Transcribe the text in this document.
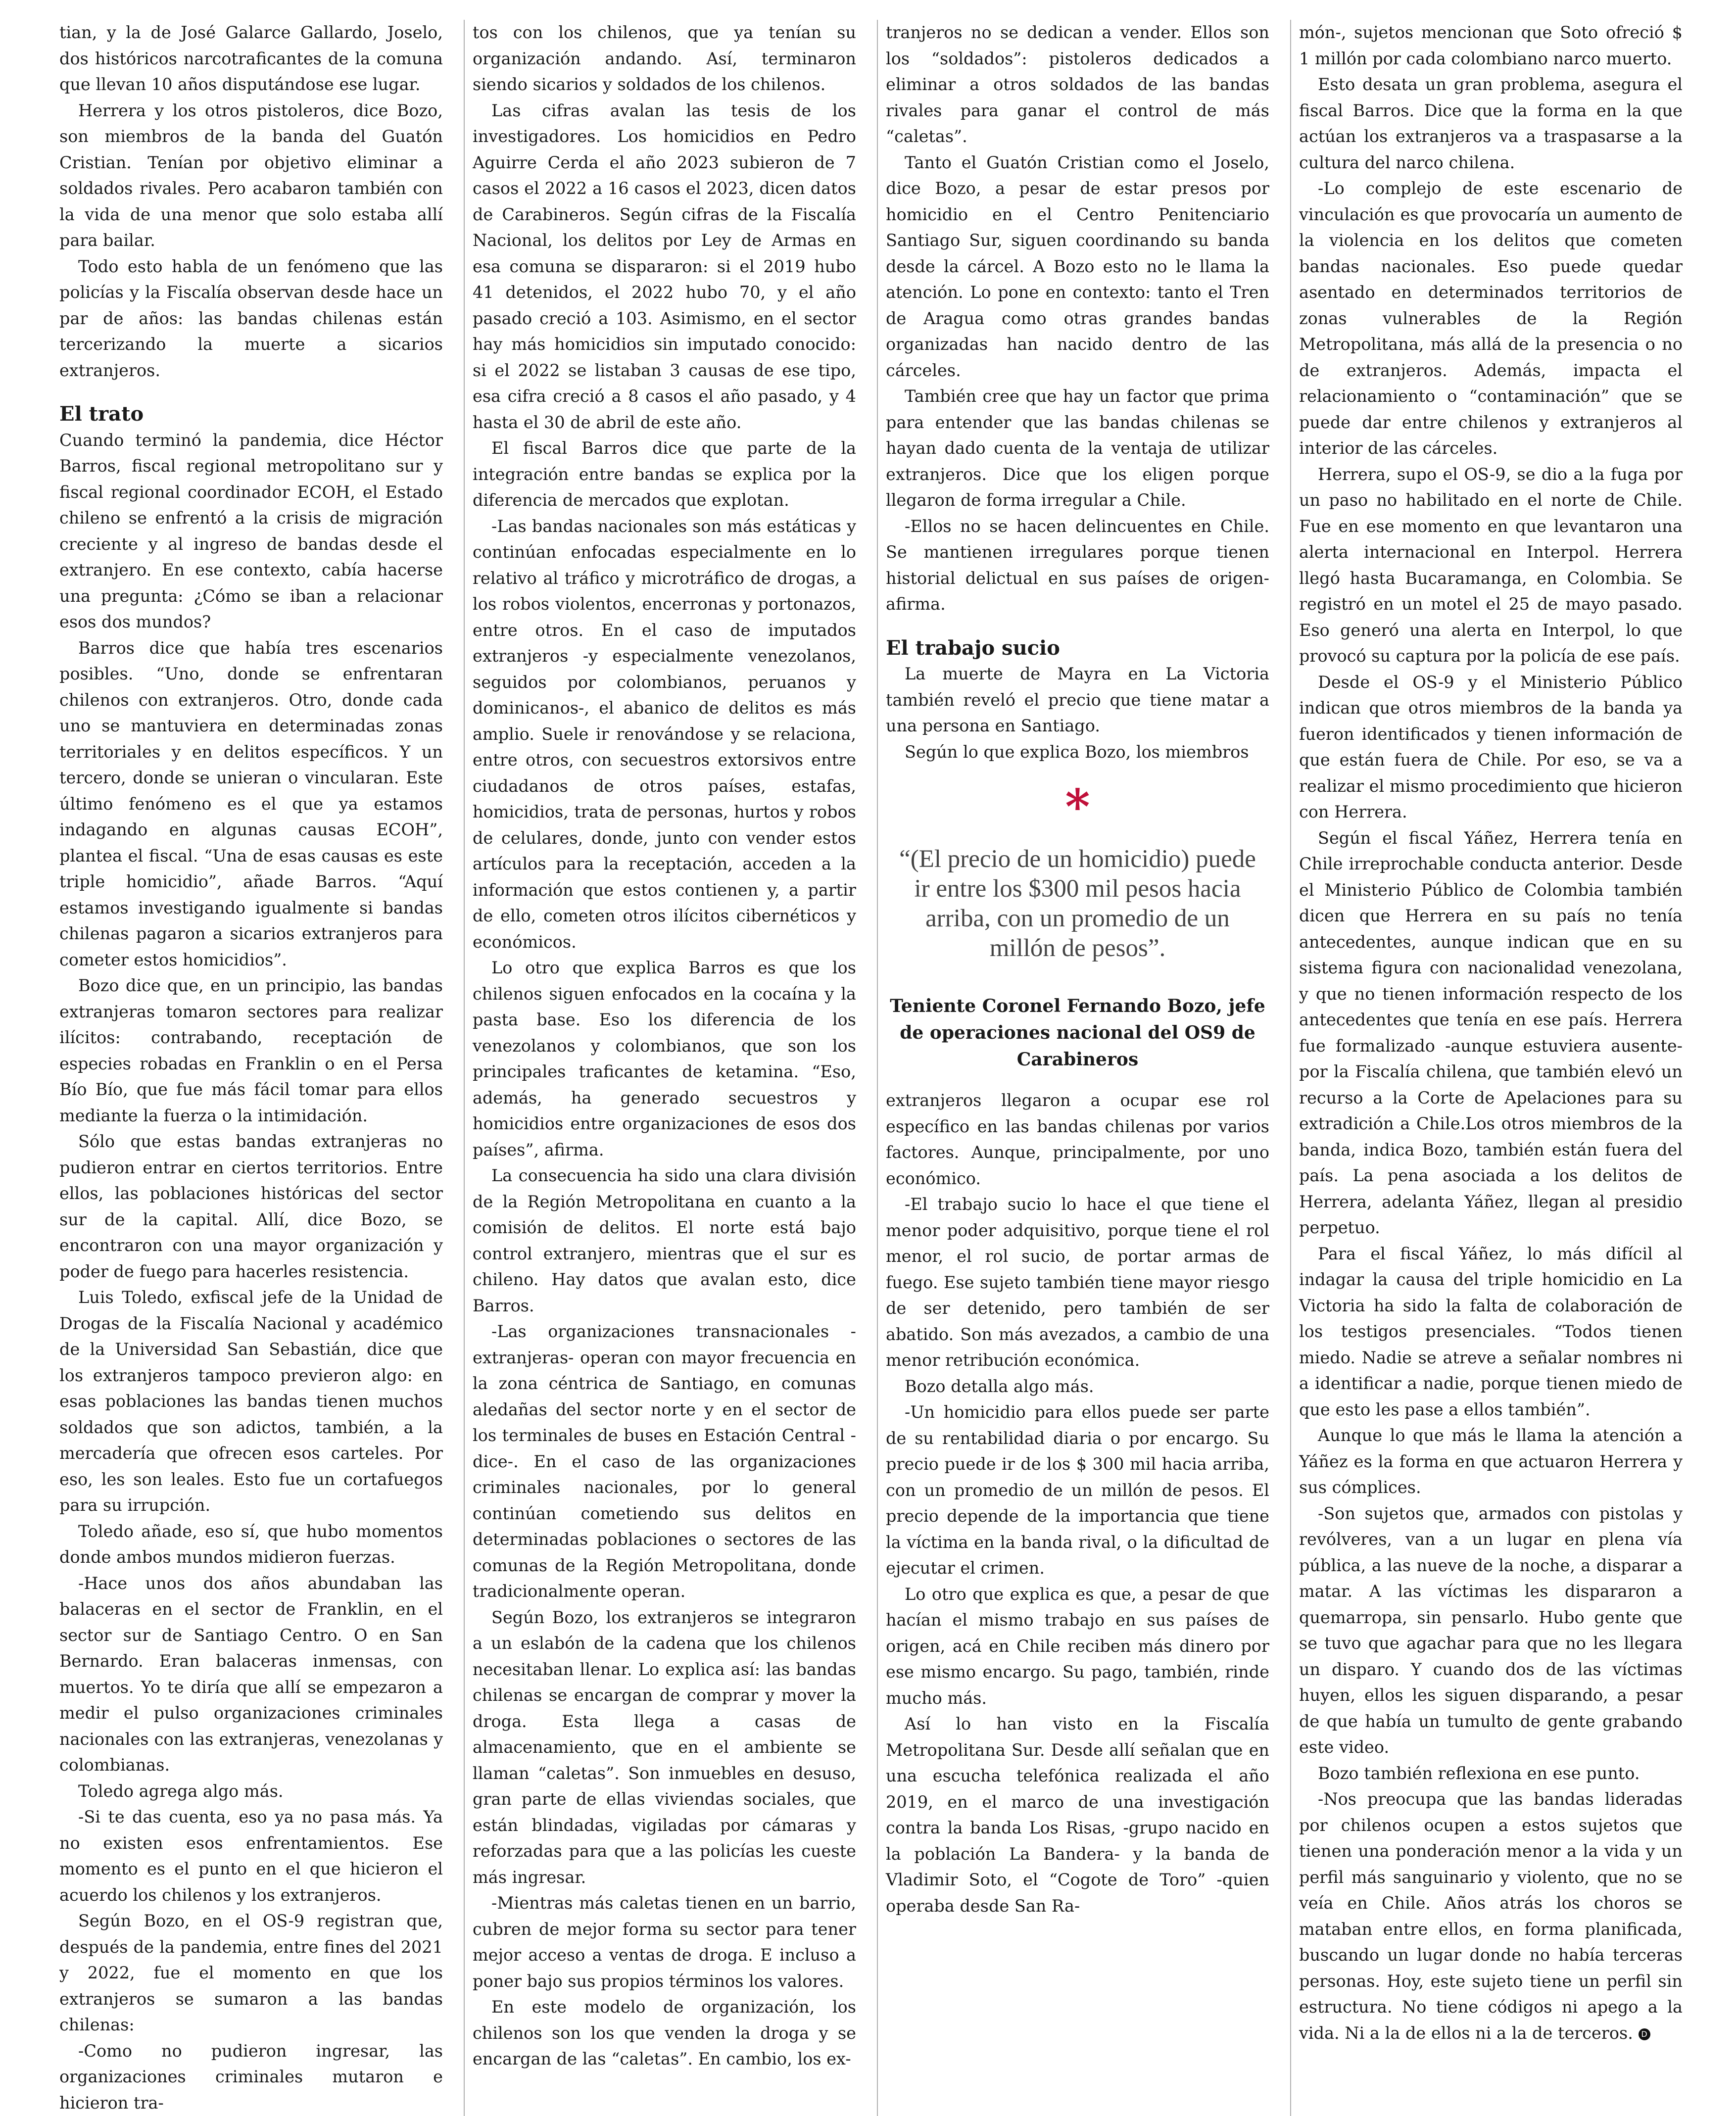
tian, y la de José Galarce Gallardo, Joselo, dos históricos narcotraficantes de la comuna que llevan 10 años disputándose ese lugar.

Herrera y los otros pistoleros, dice Bozo, son miembros de la banda del Guatón Cristian. Tenían por objetivo eliminar a soldados rivales. Pero acabaron también con la vida de una menor que solo estaba allí para bailar.

Todo esto habla de un fenómeno que las policías y la Fiscalía observan desde hace un par de años: las bandas chilenas están tercerizando la muerte a sicarios extranjeros.

El trato

Cuando terminó la pandemia, dice Héctor Barros, fiscal regional metropolitano sur y fiscal regional coordinador ECOH, el Estado chileno se enfrentó a la crisis de migración creciente y al ingreso de bandas desde el extranjero. En ese contexto, cabía hacerse una pregunta: ¿Cómo se iban a relacionar esos dos mundos?

Barros dice que había tres escenarios posibles. “Uno, donde se enfrentaran chilenos con extranjeros. Otro, donde cada uno se mantuviera en determinadas zonas territoriales y en delitos específicos. Y un tercero, donde se unieran o vincularan. Este último fenómeno es el que ya estamos indagando en algunas causas ECOH”, plantea el fiscal. “Una de esas causas es este triple homicidio”, añade Barros. “Aquí estamos investigando igualmente si bandas chilenas pagaron a sicarios extranjeros para cometer estos homicidios”.

Bozo dice que, en un principio, las bandas extranjeras tomaron sectores para realizar ilícitos: contrabando, receptación de especies robadas en Franklin o en el Persa Bío Bío, que fue más fácil tomar para ellos mediante la fuerza o la intimidación.

Sólo que estas bandas extranjeras no pudieron entrar en ciertos territorios. Entre ellos, las poblaciones históricas del sector sur de la capital. Allí, dice Bozo, se encontraron con una mayor organización y poder de fuego para hacerles resistencia.

Luis Toledo, exfiscal jefe de la Unidad de Drogas de la Fiscalía Nacional y académico de la Universidad San Sebastián, dice que los extranjeros tampoco previeron algo: en esas poblaciones las bandas tienen muchos soldados que son adictos, también, a la mercadería que ofrecen esos carteles. Por eso, les son leales. Esto fue un cortafuegos para su irrupción.

Toledo añade, eso sí, que hubo momentos donde ambos mundos midieron fuerzas.

-Hace unos dos años abundaban las balaceras en el sector de Franklin, en el sector sur de Santiago Centro. O en San Bernardo. Eran balaceras inmensas, con muertos. Yo te diría que allí se empezaron a medir el pulso organizaciones criminales nacionales con las extranjeras, venezolanas y colombianas.

Toledo agrega algo más.

-Si te das cuenta, eso ya no pasa más. Ya no existen esos enfrentamientos. Ese momento es el punto en el que hicieron el acuerdo los chilenos y los extranjeros.

Según Bozo, en el OS-9 registran que, después de la pandemia, entre fines del 2021 y 2022, fue el momento en que los extranjeros se sumaron a las bandas chilenas:

-Como no pudieron ingresar, las organizaciones criminales mutaron e hicieron tra-

tos con los chilenos, que ya tenían su organización andando. Así, terminaron siendo sicarios y soldados de los chilenos.

Las cifras avalan las tesis de los investigadores. Los homicidios en Pedro Aguirre Cerda el año 2023 subieron de 7 casos el 2022 a 16 casos el 2023, dicen datos de Carabineros. Según cifras de la Fiscalía Nacional, los delitos por Ley de Armas en esa comuna se dispararon: si el 2019 hubo 41 detenidos, el 2022 hubo 70, y el año pasado creció a 103. Asimismo, en el sector hay más homicidios sin imputado conocido: si el 2022 se listaban 3 causas de ese tipo, esa cifra creció a 8 casos el año pasado, y 4 hasta el 30 de abril de este año.

El fiscal Barros dice que parte de la integración entre bandas se explica por la diferencia de mercados que explotan.

-Las bandas nacionales son más estáticas y continúan enfocadas especialmente en lo relativo al tráfico y microtráfico de drogas, a los robos violentos, encerronas y portonazos, entre otros. En el caso de imputados extranjeros -y especialmente venezolanos, seguidos por colombianos, peruanos y dominicanos-, el abanico de delitos es más amplio. Suele ir renovándose y se relaciona, entre otros, con secuestros extorsivos entre ciudadanos de otros países, estafas, homicidios, trata de personas, hurtos y robos de celulares, donde, junto con vender estos artículos para la receptación, acceden a la información que estos contienen y, a partir de ello, cometen otros ilícitos cibernéticos y económicos.

Lo otro que explica Barros es que los chilenos siguen enfocados en la cocaína y la pasta base. Eso los diferencia de los venezolanos y colombianos, que son los principales traficantes de ketamina. “Eso, además, ha generado secuestros y homicidios entre organizaciones de esos dos países”, afirma.

La consecuencia ha sido una clara división de la Región Metropolitana en cuanto a la comisión de delitos. El norte está bajo control extranjero, mientras que el sur es chileno. Hay datos que avalan esto, dice Barros.

-Las organizaciones transnacionales -extranjeras- operan con mayor frecuencia en la zona céntrica de Santiago, en comunas aledañas del sector norte y en el sector de los terminales de buses en Estación Central -dice-. En el caso de las organizaciones criminales nacionales, por lo general continúan cometiendo sus delitos en determinadas poblaciones o sectores de las comunas de la Región Metropolitana, donde tradicionalmente operan.

Según Bozo, los extranjeros se integraron a un eslabón de la cadena que los chilenos necesitaban llenar. Lo explica así: las bandas chilenas se encargan de comprar y mover la droga. Esta llega a casas de almacenamiento, que en el ambiente se llaman “caletas”. Son inmuebles en desuso, gran parte de ellas viviendas sociales, que están blindadas, vigiladas por cámaras y reforzadas para que a las policías les cueste más ingresar.

-Mientras más caletas tienen en un barrio, cubren de mejor forma su sector para tener mejor acceso a ventas de droga. E incluso a poner bajo sus propios términos los valores.

En este modelo de organización, los chilenos son los que venden la droga y se encargan de las “caletas”. En cambio, los ex-

tranjeros no se dedican a vender. Ellos son los “soldados”: pistoleros dedicados a eliminar a otros soldados de las bandas rivales para ganar el control de más “caletas”.

Tanto el Guatón Cristian como el Joselo, dice Bozo, a pesar de estar presos por homicidio en el Centro Penitenciario Santiago Sur, siguen coordinando su banda desde la cárcel. A Bozo esto no le llama la atención. Lo pone en contexto: tanto el Tren de Aragua como otras grandes bandas organizadas han nacido dentro de las cárceles.

También cree que hay un factor que prima para entender que las bandas chilenas se hayan dado cuenta de la ventaja de utilizar extranjeros. Dice que los eligen porque llegaron de forma irregular a Chile.

-Ellos no se hacen delincuentes en Chile. Se mantienen irregulares porque tienen historial delictual en sus países de origen- afirma.

El trabajo sucio

La muerte de Mayra en La Victoria también reveló el precio que tiene matar a una persona en Santiago.

Según lo que explica Bozo, los miembros

*
“(El precio de un homicidio) puede ir entre los $300 mil pesos hacia arriba, con un promedio de un millón de pesos”.
Teniente Coronel Fernando Bozo, jefe de operaciones nacional del OS9 de Carabineros

extranjeros llegaron a ocupar ese rol específico en las bandas chilenas por varios factores. Aunque, principalmente, por uno económico.

-El trabajo sucio lo hace el que tiene el menor poder adquisitivo, porque tiene el rol menor, el rol sucio, de portar armas de fuego. Ese sujeto también tiene mayor riesgo de ser detenido, pero también de ser abatido. Son más avezados, a cambio de una menor retribución económica.

Bozo detalla algo más.

-Un homicidio para ellos puede ser parte de su rentabilidad diaria o por encargo. Su precio puede ir de los $ 300 mil hacia arriba, con un promedio de un millón de pesos. El precio depende de la importancia que tiene la víctima en la banda rival, o la dificultad de ejecutar el crimen.

Lo otro que explica es que, a pesar de que hacían el mismo trabajo en sus países de origen, acá en Chile reciben más dinero por ese mismo encargo. Su pago, también, rinde mucho más.

Así lo han visto en la Fiscalía Metropolitana Sur. Desde allí señalan que en una escucha telefónica realizada el año 2019, en el marco de una investigación contra la banda Los Risas, -grupo nacido en la población La Bandera- y la banda de Vladimir Soto, el “Cogote de Toro” -quien operaba desde San Ra-

món-, sujetos mencionan que Soto ofreció $ 1 millón por cada colombiano narco muerto.

Esto desata un gran problema, asegura el fiscal Barros. Dice que la forma en la que actúan los extranjeros va a traspasarse a la cultura del narco chilena.

-Lo complejo de este escenario de vinculación es que provocaría un aumento de la violencia en los delitos que cometen bandas nacionales. Eso puede quedar asentado en determinados territorios de zonas vulnerables de la Región Metropolitana, más allá de la presencia o no de extranjeros. Además, impacta el relacionamiento o “contaminación” que se puede dar entre chilenos y extranjeros al interior de las cárceles.

Herrera, supo el OS-9, se dio a la fuga por un paso no habilitado en el norte de Chile. Fue en ese momento en que levantaron una alerta internacional en Interpol. Herrera llegó hasta Bucaramanga, en Colombia. Se registró en un motel el 25 de mayo pasado. Eso generó una alerta en Interpol, lo que provocó su captura por la policía de ese país.

Desde el OS-9 y el Ministerio Público indican que otros miembros de la banda ya fueron identificados y tienen información de que están fuera de Chile. Por eso, se va a realizar el mismo procedimiento que hicieron con Herrera.

Según el fiscal Yáñez, Herrera tenía en Chile irreprochable conducta anterior. Desde el Ministerio Público de Colombia también dicen que Herrera en su país no tenía antecedentes, aunque indican que en su sistema figura con nacionalidad venezolana, y que no tienen información respecto de los antecedentes que tenía en ese país. Herrera fue formalizado -aunque estuviera ausente- por la Fiscalía chilena, que también elevó un recurso a la Corte de Apelaciones para su extradición a Chile.Los otros miembros de la banda, indica Bozo, también están fuera del país. La pena asociada a los delitos de Herrera, adelanta Yáñez, llegan al presidio perpetuo.

Para el fiscal Yáñez, lo más difícil al indagar la causa del triple homicidio en La Victoria ha sido la falta de colaboración de los testigos presenciales. “Todos tienen miedo. Nadie se atreve a señalar nombres ni a identificar a nadie, porque tienen miedo de que esto les pase a ellos también”.

Aunque lo que más le llama la atención a Yáñez es la forma en que actuaron Herrera y sus cómplices.

-Son sujetos que, armados con pistolas y revólveres, van a un lugar en plena vía pública, a las nueve de la noche, a disparar a matar. A las víctimas les dispararon a quemarropa, sin pensarlo. Hubo gente que se tuvo que agachar para que no les llegara un disparo. Y cuando dos de las víctimas huyen, ellos les siguen disparando, a pesar de que había un tumulto de gente grabando este video.

Bozo también reflexiona en ese punto.

-Nos preocupa que las bandas lideradas por chilenos ocupen a estos sujetos que tienen una ponderación menor a la vida y un perfil más sanguinario y violento, que no se veía en Chile. Años atrás los choros se mataban entre ellos, en forma planificada, buscando un lugar donde no había terceras personas. Hoy, este sujeto tiene un perfil sin estructura. No tiene códigos ni apego a la vida. Ni a la de ellos ni a la de terceros. D
